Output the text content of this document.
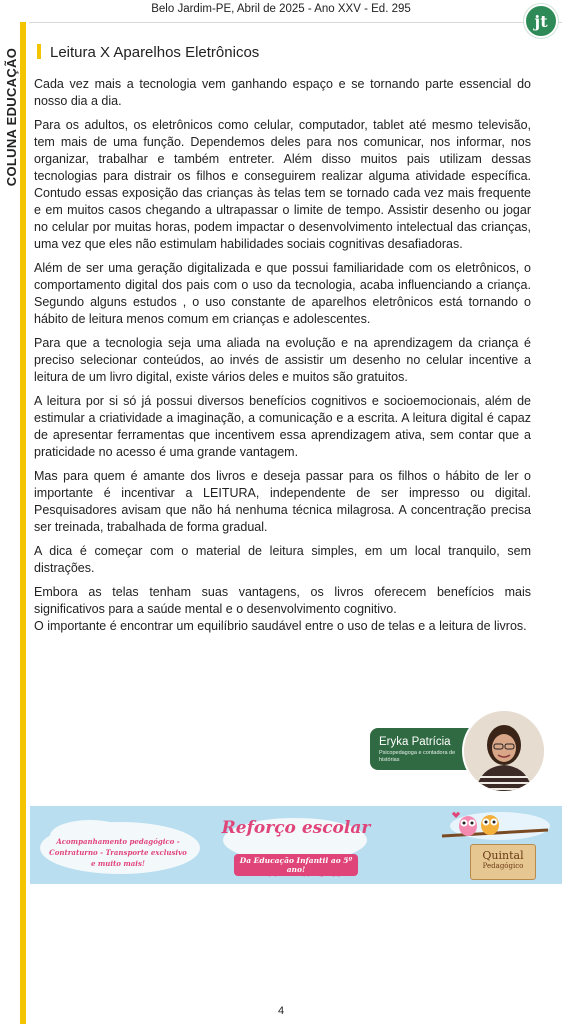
Belo Jardim-PE, Abril de 2025 - Ano XXV - Ed. 295
jt
COLUNA EDUCAÇÃO	Leitura X Aparelhos Eletrônicos

Cada vez mais a tecnologia vem ganhando espaço e se tornando parte essencial do nosso dia a dia.

Para os adultos, os eletrônicos como celular, computador, tablet até mesmo televisão, tem mais de uma função. Dependemos deles para nos comunicar, nos informar, nos organizar, trabalhar e também entreter. Além disso muitos pais utilizam dessas tecnologias para distrair os filhos e conseguirem realizar alguma atividade específica. Contudo essas exposição das crianças às telas tem se tornado cada vez mais frequente e em muitos casos chegando a ultrapassar o limite de tempo. Assistir desenho ou jogar no celular por muitas horas, podem impactar o desenvolvimento intelectual das crianças, uma vez que eles não estimulam habilidades sociais cognitivas desafiadoras.

Além de ser uma geração digitalizada e que possui familiaridade com os eletrônicos, o comportamento digital dos pais com o uso da tecnologia, acaba influenciando a criança. Segundo alguns estudos , o uso constante de aparelhos eletrônicos está tornando o hábito de leitura menos comum em crianças e adolescentes.

Para que a tecnologia seja uma aliada na evolução e na aprendizagem da criança é preciso selecionar conteúdos, ao invés de assistir um desenho no celular incentive a leitura de um livro digital, existe vários deles e muitos são gratuitos.

A leitura por si só já possui diversos benefícios cognitivos e socioemocionais, além de estimular a criatividade a imaginação, a comunicação e a escrita. A leitura digital é capaz de apresentar ferramentas que incentivem essa aprendizagem ativa, sem contar que a praticidade no acesso é uma grande vantagem.

Mas para quem é amante dos livros e deseja passar para os filhos o hábito de ler o importante é incentivar a LEITURA, independente de ser impresso ou digital. Pesquisadores avisam que não há nenhuma técnica milagrosa. A concentração precisa ser treinada, trabalhada de forma gradual.

A dica é começar com o material de leitura simples, em um local tranquilo, sem distrações.

Embora as telas tenham suas vantagens, os livros oferecem benefícios mais significativos para a saúde mental e o desenvolvimento cognitivo.

O importante é encontrar um equilíbrio saudável entre o uso de telas e a leitura de livros.

Eryka Patrícia
Psicopedagoga e contadora de histórias
Acompanhamento pedagógico - Contraturno - Transporte exclusivo e muito mais!
Reforço escolar
Da Educação Infantil ao 5º ano!
Contato: (81)99697-1383 @quintal_pedagogico
Quintal
Pedagógico
4
